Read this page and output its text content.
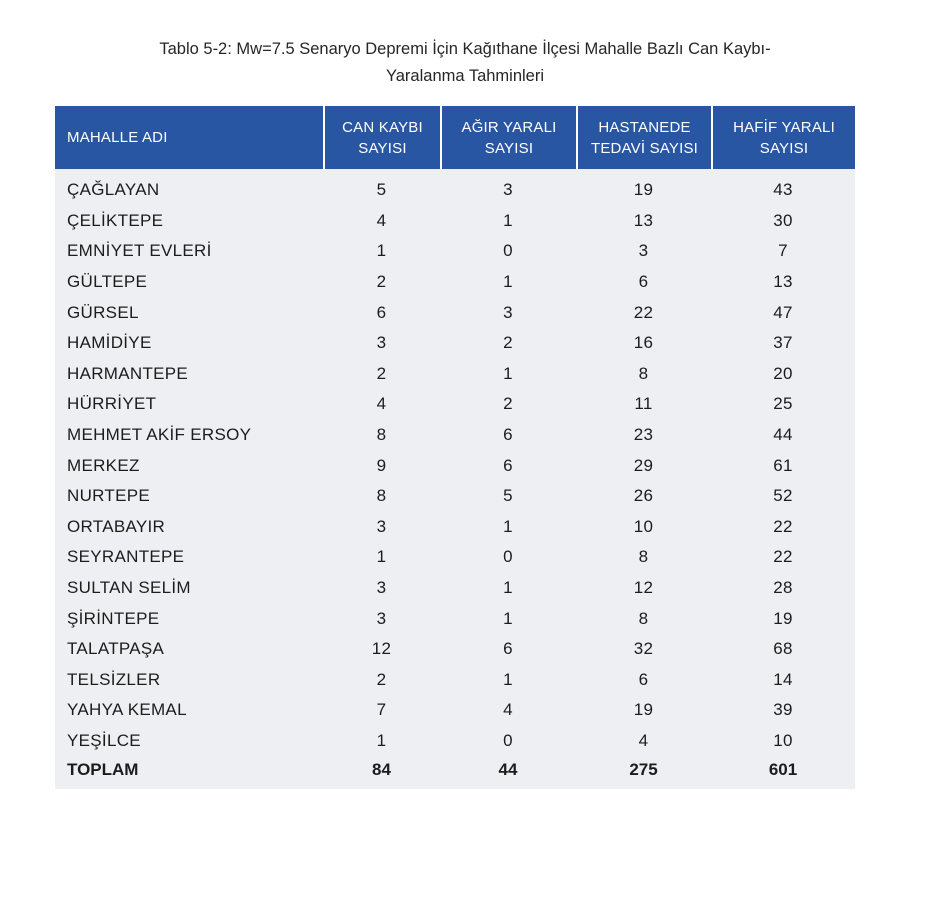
Tablo 5-2: Mw=7.5 Senaryo Depremi İçin Kağıthane İlçesi Mahalle Bazlı Can Kaybı-
Yaralanma Tahminleri
MAHALLE ADI	CAN KAYBI SAYISI	AĞIR YARALI SAYISI	HASTANEDE TEDAVİ SAYISI	HAFİF YARALI SAYISI
ÇAĞLAYAN	5	3	19	43
ÇELİKTEPE	4	1	13	30
EMNİYET EVLERİ	1	0	3	7
GÜLTEPE	2	1	6	13
GÜRSEL	6	3	22	47
HAMİDİYE	3	2	16	37
HARMANTEPE	2	1	8	20
HÜRRİYET	4	2	11	25
MEHMET AKİF ERSOY	8	6	23	44
MERKEZ	9	6	29	61
NURTEPE	8	5	26	52
ORTABAYIR	3	1	10	22
SEYRANTEPE	1	0	8	22
SULTAN SELİM	3	1	12	28
ŞİRİNTEPE	3	1	8	19
TALATPAŞA	12	6	32	68
TELSİZLER	2	1	6	14
YAHYA KEMAL	7	4	19	39
YEŞİLCE	1	0	4	10
TOPLAM	84	44	275	601
